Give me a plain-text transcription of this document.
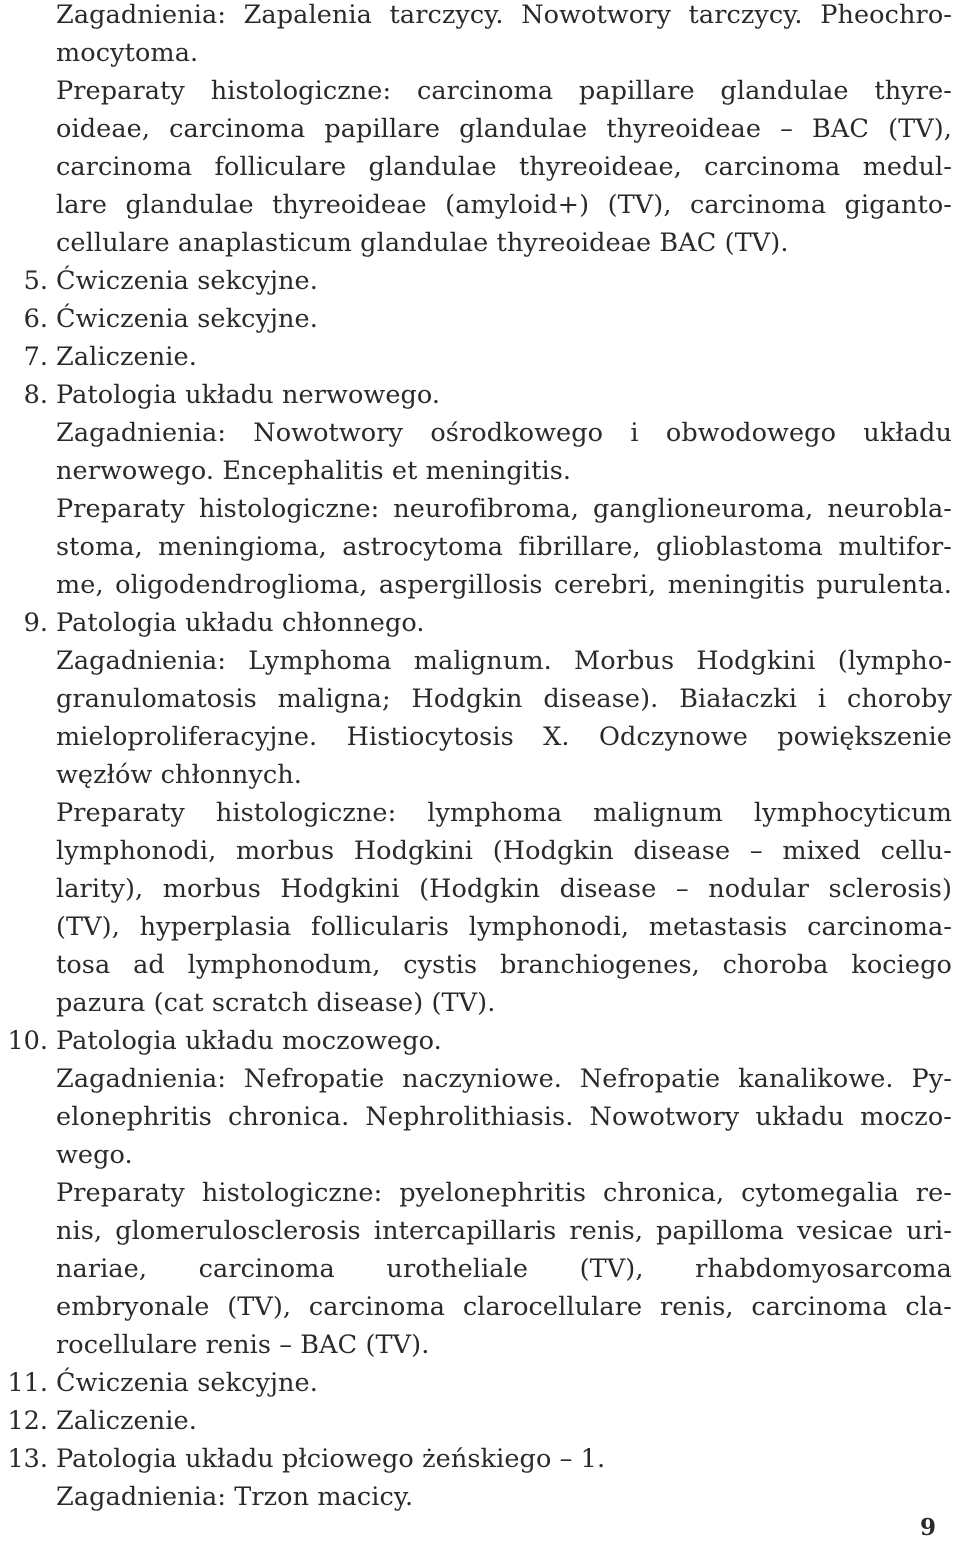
Zagadnienia: Zapalenia tarczycy. Nowotwory tarczycy. Pheochro-
mocytoma.
Preparaty histologiczne: carcinoma papillare glandulae thyre-
oideae, carcinoma papillare glandulae thyreoideae – BAC (TV),
carcinoma folliculare glandulae thyreoideae, carcinoma medul-
lare glandulae thyreoideae (amyloid+) (TV), carcinoma giganto-
cellulare anaplasticum glandulae thyreoideae BAC (TV).
5. Ćwiczenia sekcyjne.
6. Ćwiczenia sekcyjne.
7. Zaliczenie.
8. Patologia układu nerwowego.
Zagadnienia: Nowotwory ośrodkowego i obwodowego układu
nerwowego. Encephalitis et meningitis.
Preparaty histologiczne: neurofibroma, ganglioneuroma, neurobla-
stoma, meningioma, astrocytoma fibrillare, glioblastoma multifor-
me, oligodendroglioma, aspergillosis cerebri, meningitis purulenta.
9. Patologia układu chłonnego.
Zagadnienia: Lymphoma malignum. Morbus Hodgkini (lympho-
granulomatosis maligna; Hodgkin disease). Białaczki i choroby
mieloproliferacyjne. Histiocytosis X. Odczynowe powiększenie
węzłów chłonnych.
Preparaty histologiczne: lymphoma malignum lymphocyticum
lymphonodi, morbus Hodgkini (Hodgkin disease – mixed cellu-
larity), morbus Hodgkini (Hodgkin disease – nodular sclerosis)
(TV), hyperplasia follicularis lymphonodi, metastasis carcinoma-
tosa ad lymphonodum, cystis branchiogenes, choroba kociego
pazura (cat scratch disease) (TV).
10. Patologia układu moczowego.
Zagadnienia: Nefropatie naczyniowe. Nefropatie kanalikowe. Py-
elonephritis chronica. Nephrolithiasis. Nowotwory układu moczo-
wego.
Preparaty histologiczne: pyelonephritis chronica, cytomegalia re-
nis, glomerulosclerosis intercapillaris renis, papilloma vesicae uri-
nariae, carcinoma urotheliale (TV), rhabdomyosarcoma
embryonale (TV), carcinoma clarocellulare renis, carcinoma cla-
rocellulare renis – BAC (TV).
11. Ćwiczenia sekcyjne.
12. Zaliczenie.
13. Patologia układu płciowego żeńskiego – 1.
Zagadnienia: Trzon macicy.
9
